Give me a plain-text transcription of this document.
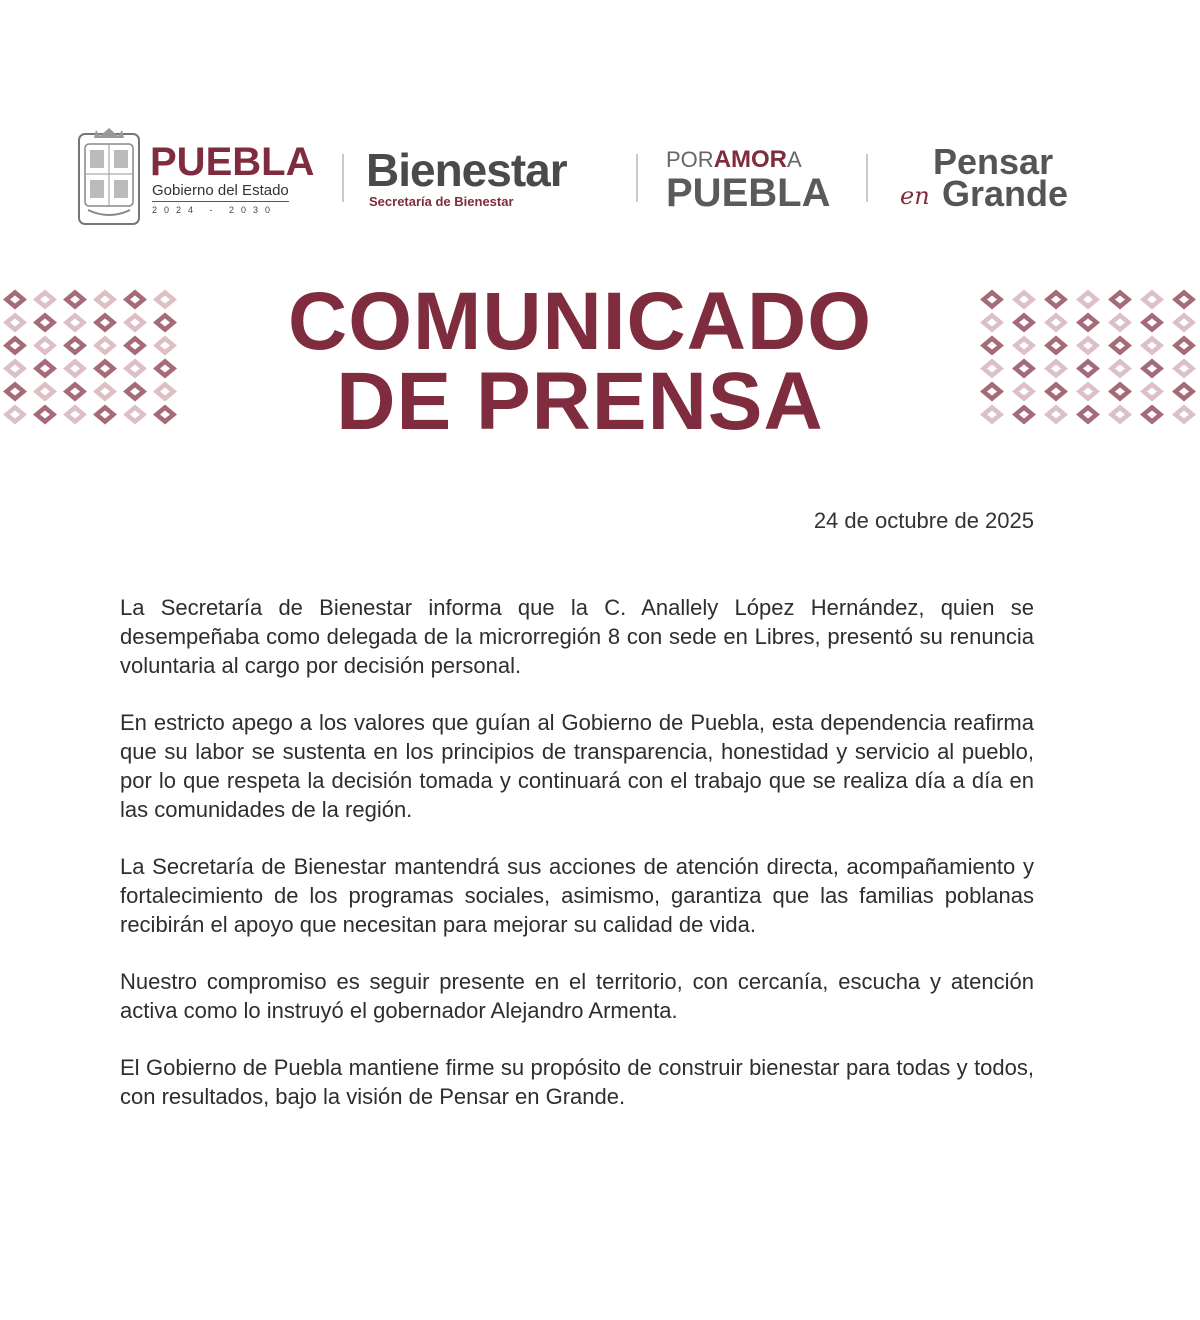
PUEBLA
Gobierno del Estado
2024 - 2030
Bienestar
Secretaría de Bienestar
PORAMORA
PUEBLA
Pensar
en Grande
COMUNICADO
DE PRENSA
24 de octubre de 2025

La Secretaría de Bienestar informa que la C. Anallely López Hernández, quien se desempeñaba como delegada de la microrregión 8 con sede en Libres, presentó su renuncia voluntaria al cargo por decisión personal.

En estricto apego a los valores que guían al Gobierno de Puebla, esta dependencia reafirma que su labor se sustenta en los principios de transparencia, honestidad y servicio al pueblo, por lo que respeta la decisión tomada y continuará con el trabajo que se realiza día a día en las comunidades de la región.

La Secretaría de Bienestar mantendrá sus acciones de atención directa, acompañamiento y fortalecimiento de los programas sociales, asimismo, garantiza que las familias poblanas recibirán el apoyo que necesitan para mejorar su calidad de vida.

Nuestro compromiso es seguir presente en el territorio, con cercanía, escucha y atención activa como lo instruyó el gobernador Alejandro Armenta.

El Gobierno de Puebla mantiene firme su propósito de construir bienestar para todas y todos, con resultados, bajo la visión de Pensar en Grande.
